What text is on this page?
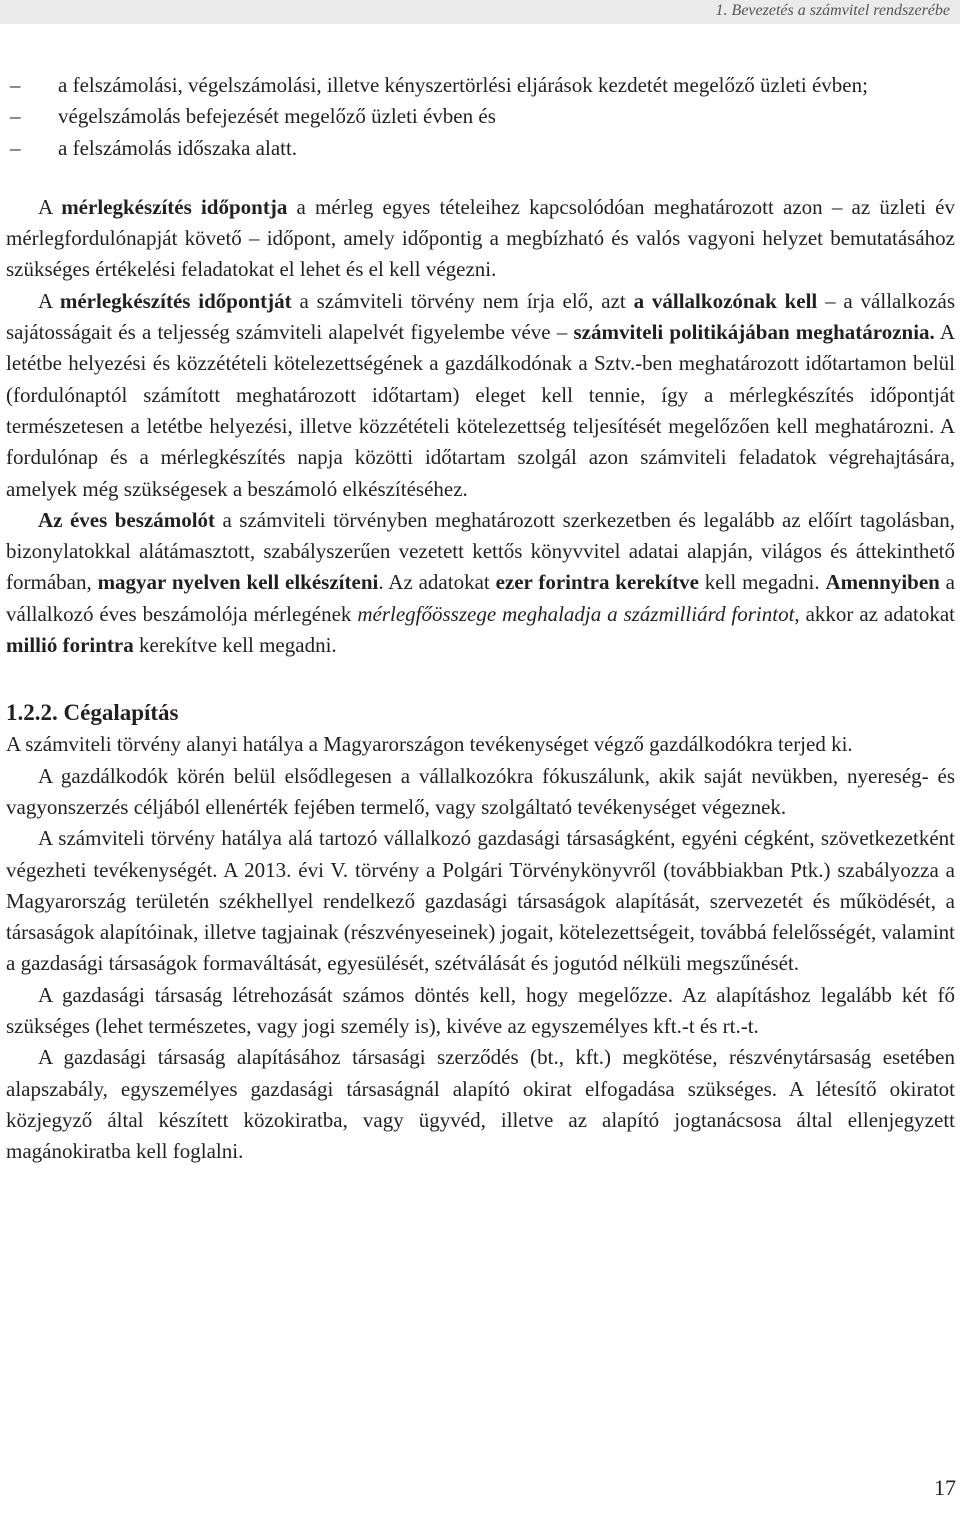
1. Bevezetés a számvitel rendszerébe
– a felszámolási, végelszámolási, illetve kényszertörlési eljárások kezdetét megelőző üzleti évben;
– végelszámolás befejezését megelőző üzleti évben és
– a felszámolás időszaka alatt.

A mérlegkészítés időpontja a mérleg egyes tételeihez kapcsolódóan meghatározott azon – az üzleti év mérlegfordulónapját követő – időpont, amely időpontig a megbízható és valós vagyoni helyzet bemutatásához szükséges értékelési feladatokat el lehet és el kell végezni.

A mérlegkészítés időpontját a számviteli törvény nem írja elő, azt a vállalkozónak kell – a vállalkozás sajátosságait és a teljesség számviteli alapelvét figyelembe véve – számviteli politikájában meghatároznia. A letétbe helyezési és közzétételi kötelezettségének a gazdálkodónak a Sztv.-ben meghatározott időtartamon belül (fordulónaptól számított meghatározott időtartam) eleget kell tennie, így a mérlegkészítés időpontját természetesen a letétbe helyezési, illetve közzétételi kötelezettség teljesítését megelőzően kell meghatározni. A fordulónap és a mérlegkészítés napja közötti időtartam szolgál azon számviteli feladatok végrehajtására, amelyek még szükségesek a beszámoló elkészítéséhez.

Az éves beszámolót a számviteli törvényben meghatározott szerkezetben és legalább az előírt tagolásban, bizonylatokkal alátámasztott, szabályszerűen vezetett kettős könyvvitel adatai alapján, világos és áttekinthető formában, magyar nyelven kell elkészíteni. Az adatokat ezer forintra kerekítve kell megadni. Amennyiben a vállalkozó éves beszámolója mérlegének mérlegfőösszege meghaladja a százmilliárd forintot, akkor az adatokat millió forintra kerekítve kell megadni.

1.2.2. Cégalapítás

A számviteli törvény alanyi hatálya a Magyarországon tevékenységet végző gazdálkodókra terjed ki.

A gazdálkodók körén belül elsődlegesen a vállalkozókra fókuszálunk, akik saját nevükben, nyereség- és vagyonszerzés céljából ellenérték fejében termelő, vagy szolgáltató tevékenységet végeznek.

A számviteli törvény hatálya alá tartozó vállalkozó gazdasági társaságként, egyéni cégként, szövetkezetként végezheti tevékenységét. A 2013. évi V. törvény a Polgári Törvénykönyvről (továbbiakban Ptk.) szabályozza a Magyarország területén székhellyel rendelkező gazdasági társaságok alapítását, szervezetét és működését, a társaságok alapítóinak, illetve tagjainak (részvényeseinek) jogait, kötelezettségeit, továbbá felelősségét, valamint a gazdasági társaságok formaváltását, egyesülését, szétválását és jogutód nélküli megszűnését.

A gazdasági társaság létrehozását számos döntés kell, hogy megelőzze. Az alapításhoz legalább két fő szükséges (lehet természetes, vagy jogi személy is), kivéve az egyszemélyes kft.-t és rt.-t.

A gazdasági társaság alapításához társasági szerződés (bt., kft.) megkötése, részvénytársaság esetében alapszabály, egyszemélyes gazdasági társaságnál alapító okirat elfogadása szükséges. A létesítő okiratot közjegyző által készített közokiratba, vagy ügyvéd, illetve az alapító jogtanácsosa által ellenjegyzett magánokiratba kell foglalni.

17
